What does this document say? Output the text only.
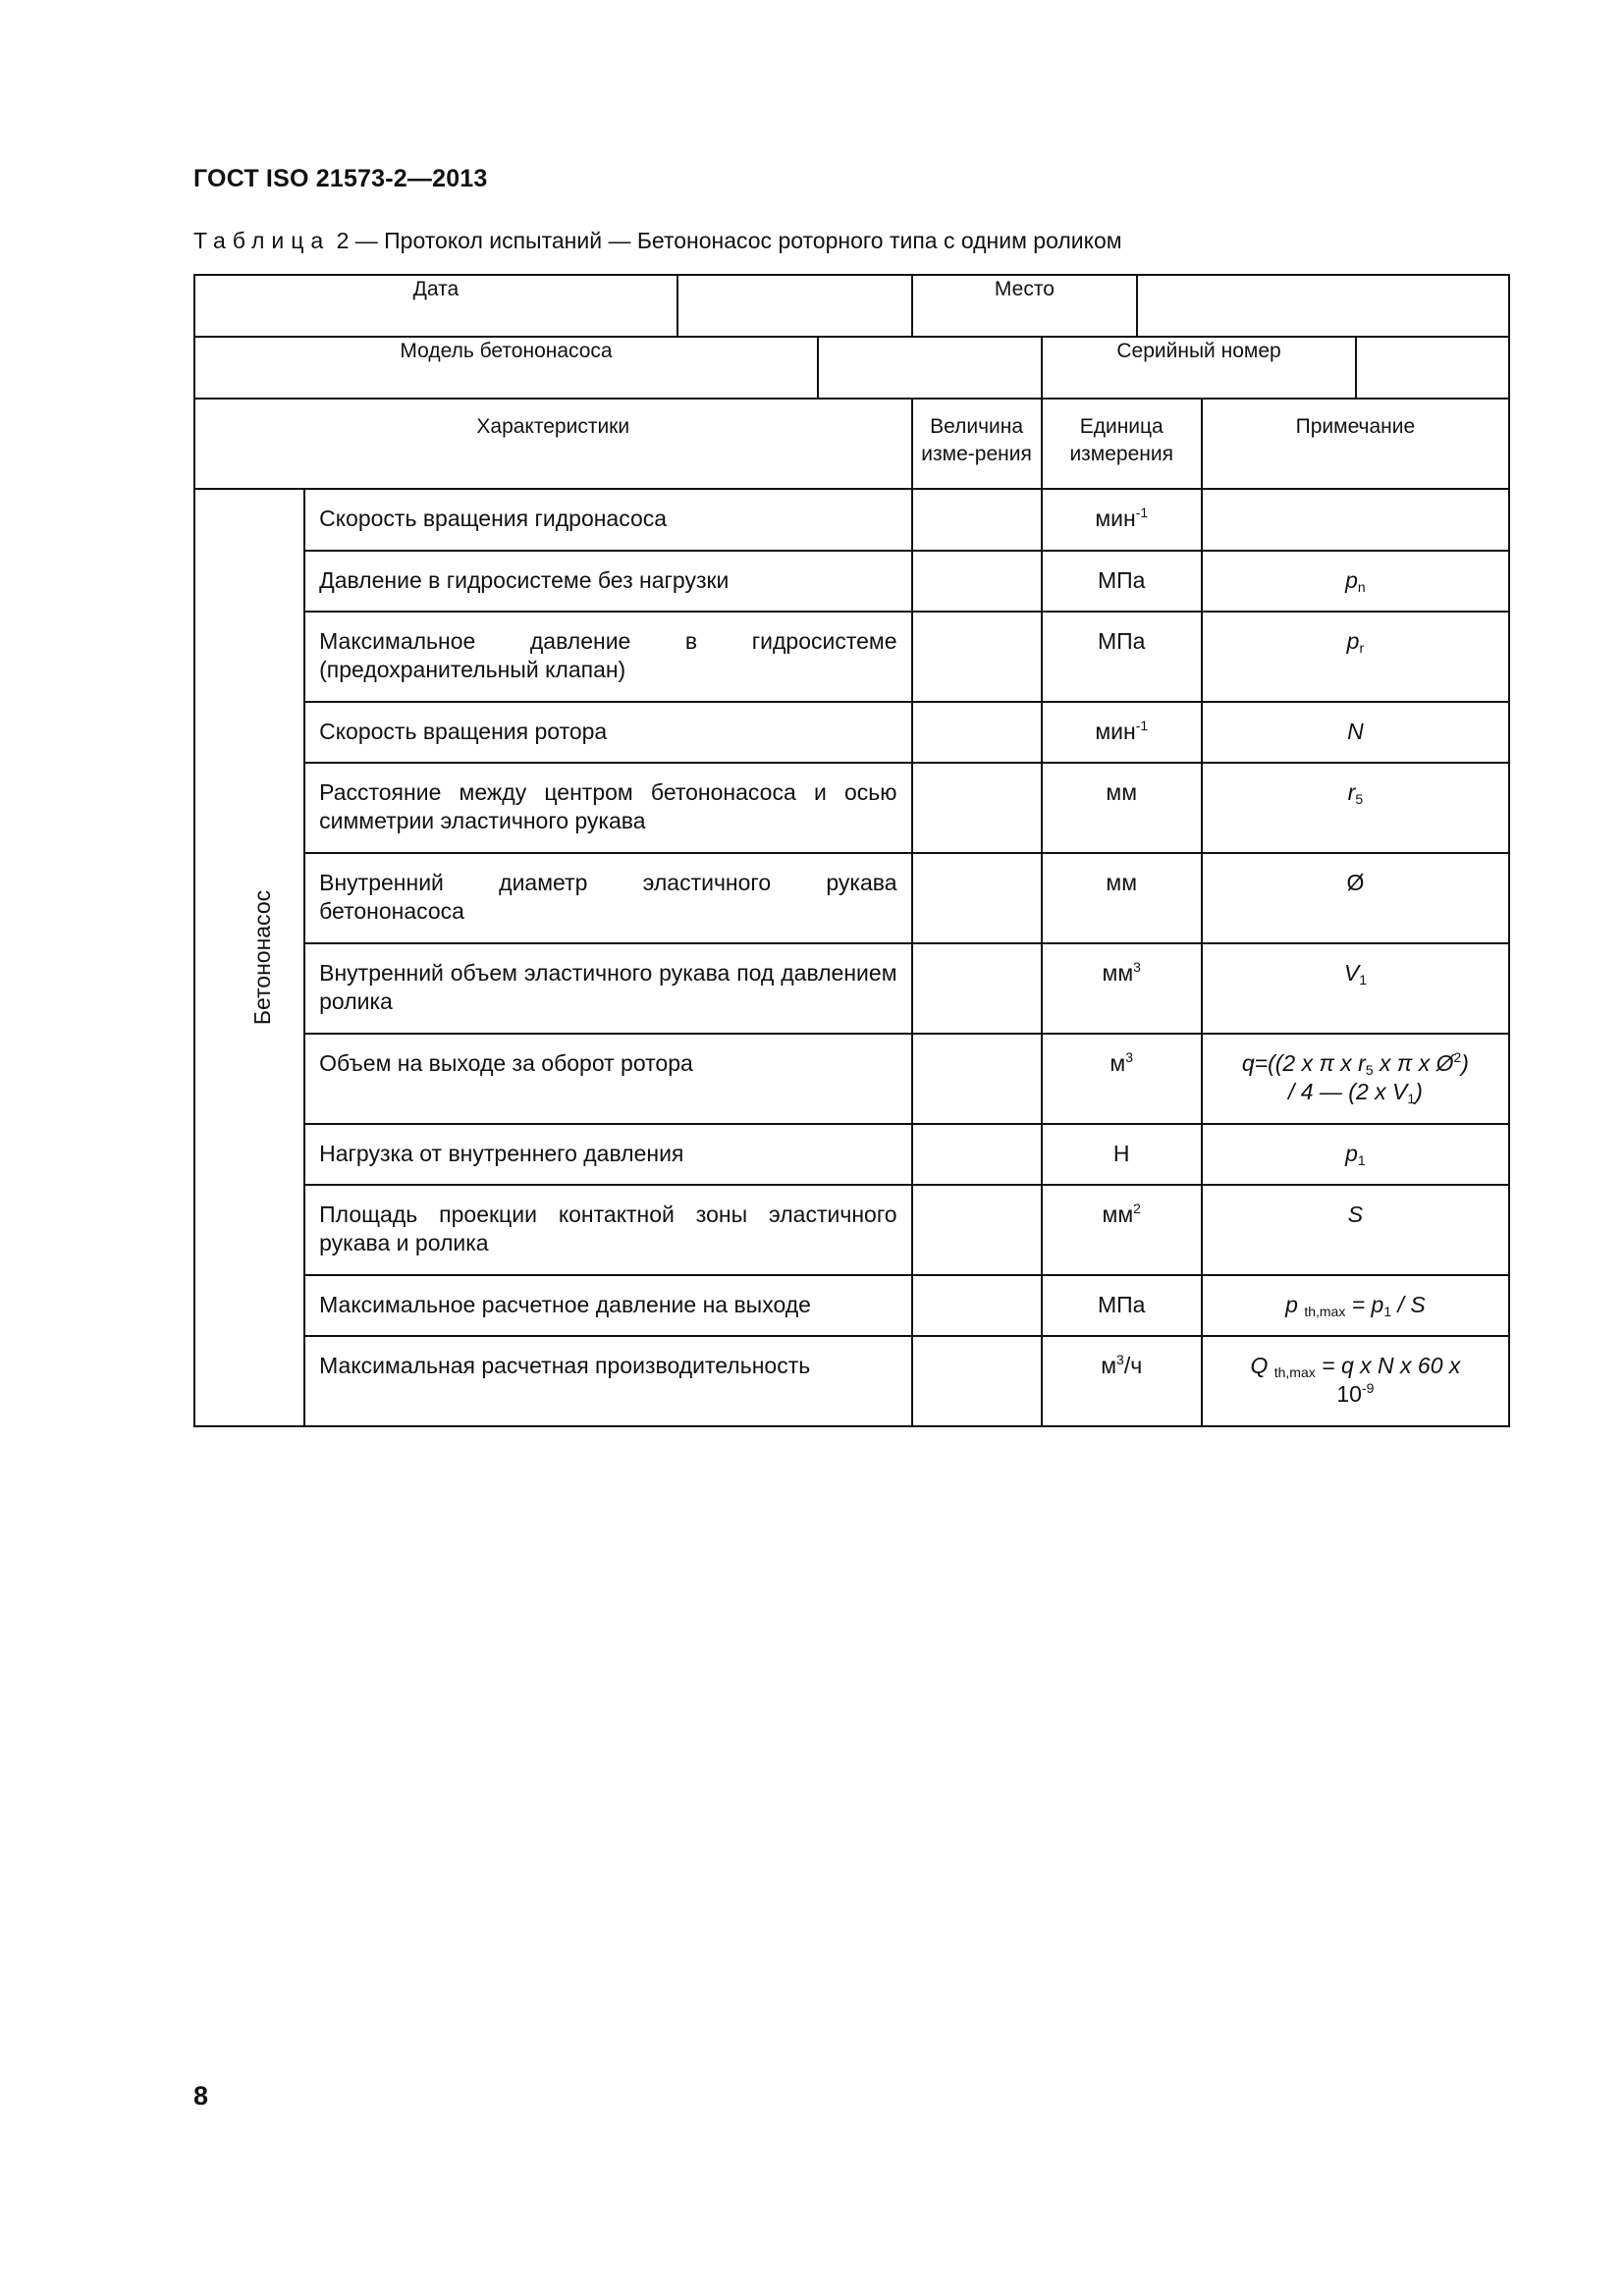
ГОСТ ISO 21573-2—2013
Таблица 2 — Протокол испытаний — Бетононасос роторного типа с одним роликом
Дата				Место				
Модель бетононасоса					Серийный номер			
Характеристики				Величина изме-рения	Единица измерения		Примечание	
Бетононасос	Скорость вращения гидронасоса				мин$^{-1}$	
	Давление в гидросистеме без нагрузки				МПа		$p_n$
	Максимальное давление в гидросистеме (предохранительный клапан)				МПа		$p_r$
	Скорость вращения ротора				мин$^{-1}$		N	
	Расстояние между центром бетононасоса и осью симметрии эластичного рукава				мм		$r_5$
	Внутренний диаметр эластичного рукава бетононасоса				мм		Ø	
	Внутренний объем эластичного рукава под давлением ролика				$мм^3$		$V_1$
	Объем на выходе за оборот ротора				$м^3$		q=((2 x π x $r_5$ x π x $Ø^2$)
/ 4 — (2 x $V_1$)	
	Нагрузка от внутреннего давления				Н		$p_1$
	Площадь проекции контактной зоны эластичного рукава и ролика				$мм^2$		S	
	Максимальное расчетное давление на выходе				МПа		p $_{th,max} = p_1 / S$	
	Максимальная расчетная производительность				$м^3/ч$		Q $_{th,max}$ = q x N x 60 x
$10^{-9}$
8
